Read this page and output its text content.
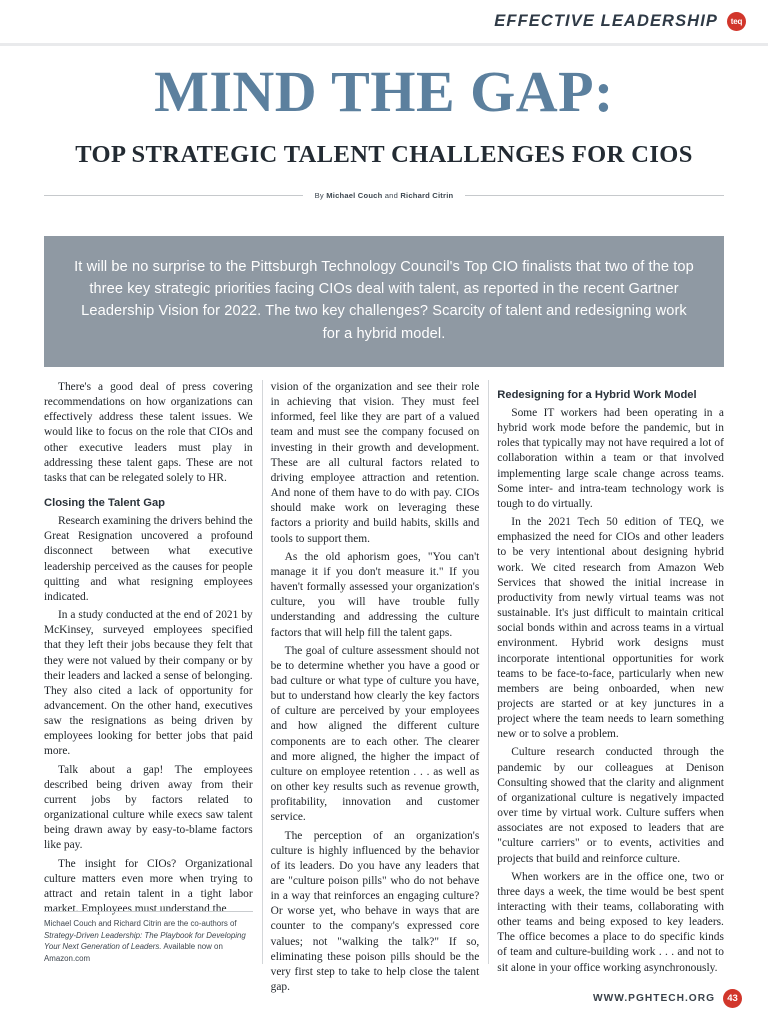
EFFECTIVE LEADERSHIP	teq
MIND THE GAP:
TOP STRATEGIC TALENT CHALLENGES FOR CIOS
By Michael Couch and Richard Citrin
It will be no surprise to the Pittsburgh Technology Council's Top CIO finalists that two of the top three key strategic priorities facing CIOs deal with talent, as reported in the recent Gartner Leadership Vision for 2022. The two key challenges? Scarcity of talent and redesigning work for a hybrid model.

There's a good deal of press covering recommendations on how organizations can effectively address these talent issues. We would like to focus on the role that CIOs and other executive leaders must play in addressing these talent gaps. These are not tasks that can be relegated solely to HR.

Closing the Talent Gap

Research examining the drivers behind the Great Resignation uncovered a profound disconnect between what executive leadership perceived as the causes for people quitting and what resigning employees indicated.

In a study conducted at the end of 2021 by McKinsey, surveyed employees specified that they left their jobs because they felt that they were not valued by their company or by their leaders and lacked a sense of belonging. They also cited a lack of opportunity for advancement. On the other hand, executives saw the resignations as being driven by employees looking for better jobs that paid more.

Talk about a gap! The employees described being driven away from their current jobs by factors related to organizational culture while execs saw talent being drawn away by easy-to-blame factors like pay.

The insight for CIOs? Organizational culture matters even more when trying to attract and retain talent in a tight labor market. Employees must understand the

Michael Couch and Richard Citrin are the co-authors of Strategy-Driven Leadership: The Playbook for Developing Your Next Generation of Leaders. Available now on Amazon.com

vision of the organization and see their role in achieving that vision. They must feel informed, feel like they are part of a valued team and must see the company focused on investing in their growth and development. These are all cultural factors related to driving employee attraction and retention. And none of them have to do with pay. CIOs should make work on leveraging these factors a priority and build habits, skills and tools to support them.

As the old aphorism goes, "You can't manage it if you don't measure it." If you haven't formally assessed your organization's culture, you will have trouble fully understanding and addressing the culture factors that will help fill the talent gaps.

The goal of culture assessment should not be to determine whether you have a good or bad culture or what type of culture you have, but to understand how clearly the key factors of culture are perceived by your employees and how aligned the different culture components are to each other. The clearer and more aligned, the higher the impact of culture on employee retention . . . as well as on other key results such as revenue growth, profitability, innovation and customer service.

The perception of an organization's culture is highly influenced by the behavior of its leaders. Do you have any leaders that are "culture poison pills" who do not behave in a way that reinforces an engaging culture? Or worse yet, who behave in ways that are counter to the company's expressed core values; not "walking the talk?" If so, eliminating these poison pills should be the very first step to take to help close the talent gap.

Redesigning for a Hybrid Work Model

Some IT workers had been operating in a hybrid work mode before the pandemic, but in roles that typically may not have required a lot of collaboration within a team or that involved implementing large scale change across teams. Some inter- and intra-team technology work is tough to do virtually.

In the 2021 Tech 50 edition of TEQ, we emphasized the need for CIOs and other leaders to be very intentional about designing hybrid work. We cited research from Amazon Web Services that showed the initial increase in productivity from newly virtual teams was not sustainable. It's just difficult to maintain critical social bonds within and across teams in a virtual environment. Hybrid work designs must incorporate intentional opportunities for work teams to be face-to-face, particularly when new members are being onboarded, when new projects are started or at key junctures in a project where the team needs to learn something new or to solve a problem.

Culture research conducted through the pandemic by our colleagues at Denison Consulting showed that the clarity and alignment of organizational culture is negatively impacted over time by virtual work. Culture suffers when associates are not exposed to leaders that are "culture carriers" or to events, activities and projects that build and reinforce culture.

When workers are in the office one, two or three days a week, the time would be best spent interacting with their teams, collaborating with other teams and being exposed to key leaders. The office becomes a place to do specific kinds of team and culture-building work . . . and not to sit alone in your office working asynchronously.

WWW.PGHTECH.ORG	43
